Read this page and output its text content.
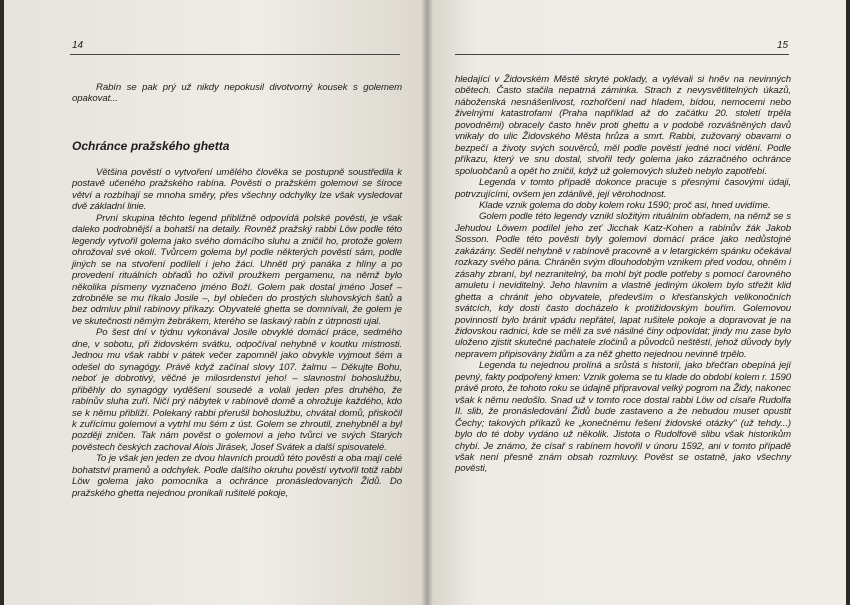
14

Rabín se pak prý už nikdy nepokusil divotvorný kousek s golemem opakovat...

Ochránce pražského ghetta

Většina pověstí o vytvoření umělého člověka se postupně soustředila k postavě učeného pražského rabína. Pověsti o pražském golemovi se šíroce větví a rozbíhají se mnoha směry, přes všechny odchylky lze však vysledovat dvě základní linie.

První skupina těchto legend přibližně odpovídá polské pověsti, je však daleko podrobnější a bohatší na detaily. Rovněž pražský rabbi Löw podle této legendy vytvořil golema jako svého domácího sluhu a zničil ho, protože golem ohrožoval své okolí. Tvůrcem golema byl podle některých pověstí sám, podle jiných se na stvoření podílelí i jeho žáci. Uhnětl prý panáka z hlíny a po provedení rituálních obřadů ho oživil proužkem pergamenu, na němž bylo několika písmeny vyznačeno jméno Boží. Golem pak dostal jméno Josef – zdrobněle se mu říkalo Josile –, byl oblečen do prostých sluhovských šatů a bez odmluv plnil rabínovy příkazy. Obyvatelé ghetta se domnívali, že golem je ve skutečnosti němým žebrákem, kterého se laskavý rabín z útrpnosti ujal.

Po šest dní v týdnu vykonával Josile obvyklé domácí práce, sedmého dne, v sobotu, při židovském svátku, odpočíval nehybně v koutku místnosti. Jednou mu však rabbi v pátek večer zapomněl jako obvykle vyjmout šém a odešel do synagógy. Právě když začínal slovy 107. žalmu – Děkujte Bohu, neboť je dobrotivý, věčné je milosrdenství jeho! – slavnostní bohoslužbu, přiběhly do synagógy vyděšení sousedé a volali jeden přes druhého, že rabínův sluha zuří. Ničí prý nábytek v rabínově domě a ohrožuje každého, kdo se k němu přiblíží. Polekaný rabbi přerušil bohoslužbu, chvátal domů, přiskočil k zuřícímu golemovi a vytrhl mu šém z úst. Golem se zhroutil, znehybněl a byl později zničen. Tak nám pověst o golemovi a jeho tvůrci ve svých Starých pověstech českých zachoval Alois Jirásek, Josef Svátek a další spisovatelé.

To je však jen jeden ze dvou hlavních proudů této pověsti a oba mají celé bohatství pramenů a odchylek. Podle dalšího okruhu pověstí vytvořil totiž rabbi Löw golema jako pomocníka a ochránce pronásledovaných Židů. Do pražského ghetta nejednou pronikali rušitelé pokoje,

15

hledající v Židovském Městě skryté poklady, a vylévali si hněv na nevinných obětech. Často stačila nepatrná záminka. Strach z nevysvětlitelných úkazů, náboženská nesnášenlivost, rozhořčení nad hladem, bídou, nemocemi nebo živelnými katastrofami (Praha například až do začátku 20. století trpěla povodněmi) obracely často hněv proti ghettu a v podobě rozvášněných davů vnikaly do ulic Židovského Města hrůza a smrt. Rabbi, zužovaný obavami o bezpečí a životy svých souvěrců, měl podle pověstí jedné noci vidění. Podle příkazu, který ve snu dostal, stvořil tedy golema jako zázračného ochránce spoluobčanů a opět ho zničil, když už golemových služeb nebylo zapotřebí.

Legenda v tomto případě dokonce pracuje s přesnými časovými údaji, potrvzujícími, ovšem jen zdánlivě, její věrohodnost.

Klade vznik golema do doby kolem roku 1590; proč asi, hned uvidíme.

Golem podle této legendy vznikl složitým rituálním obřadem, na němž se s Jehudou Löwem podílel jeho zeť Jicchak Katz-Kohen a rabínův žák Jakob Sosson. Podle této pověsti byly golemovi domácí práce jako nedůstojné zakázány. Seděl nehybně v rabínově pracovně a v letargickém spánku očekával rozkazy svého pána. Chráněn svým dlouhodobým vznikem před vodou, ohněm i zásahy zbraní, byl nezranitelný, ba mohl být podle potřeby s pomocí čarovného amuletu i neviditelný. Jeho hlavním a vlastně jediným úkolem bylo střežit klid ghetta a chránit jeho obyvatele, především o křesťanských velikonočních svátcích, kdy dosti často docházelo k protižidovským bouřím. Golemovou povinností bylo bránit vpádu nepřátel, lapat rušitele pokoje a dopravovat je na židovskou radnici, kde se měli za své násilné činy odpovídat; jindy mu zase bylo uloženo zjistit skutečné pachatele zločinů a původců neštěstí, jehož důvody byly nepravem připisovány židům a za něž ghetto nejednou nevinně trpělo.

Legenda tu nejednou prolíná a srůstá s historií, jako břečťan obepíná její pevný, fakty podpořený kmen: Vznik golema se tu klade do období kolem r. 1590 právě proto, že tohoto roku se údajně připravoval velký pogrom na Židy, nakonec však k němu nedošlo. Snad už v tomto roce dostal rabbi Löw od císaře Rudolfa II. slib, že pronásledování Židů bude zastaveno a že nebudou muset opustit Čechy; takových příkazů ke „konečnému řešení židovské otázky" (už tehdy...) bylo do té doby vydáno už několik. Jistota o Rudolfově slibu však historikům chybí. Je známo, že císař s rabínem hovořil v únoru 1592, ani v tomto případě však není přesně znám obsah rozmluvy. Pověst se ostatně, jako všechny pověsti,
